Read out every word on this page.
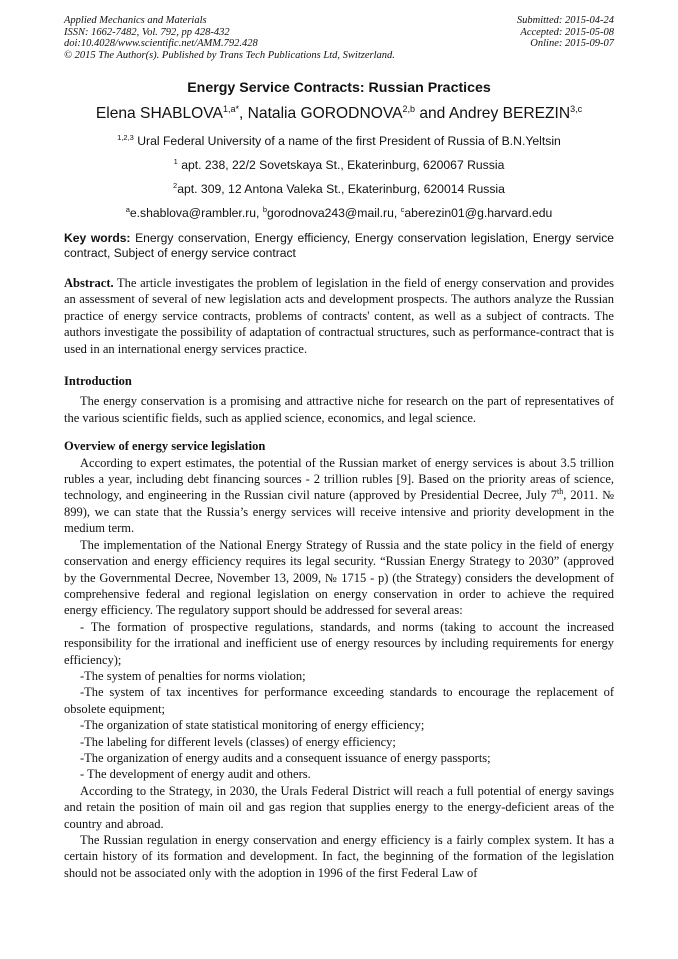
Applied Mechanics and Materials
ISSN: 1662-7482, Vol. 792, pp 428-432
doi:10.4028/www.scientific.net/AMM.792.428
© 2015 The Author(s). Published by Trans Tech Publications Ltd, Switzerland.
Submitted: 2015-04-24
Accepted: 2015-05-08
Online: 2015-09-07
Energy Service Contracts: Russian Practices
Elena $SHABLOVA^{1,a*}$, Natalia GORODNOVA$^{2,b}$ and Andrey BEREZIN$^{3,c}$
$^{1,2,3}$ Ural Federal University of a name of the first President of Russia of B.N.Yeltsin
$^1$ apt. 238, 22/2 Sovetskaya St., Ekaterinburg, 620067 Russia
$^2$apt. 309, 12 Antona Valeka St., Ekaterinburg, 620014 Russia
$^a$e.shablova@rambler.ru, $^b$gorodnova243@mail.ru, $^c$aberezin01@g.harvard.edu
Key words: Energy conservation, Energy efficiency, Energy conservation legislation, Energy service contract, Subject of energy service contract

Abstract. The article investigates the problem of legislation in the field of energy conservation and provides an assessment of several of new legislation acts and development prospects. The authors analyze the Russian practice of energy service contracts, problems of contracts' content, as well as a subject of contracts. The authors investigate the possibility of adaptation of contractual structures, such as performance-contract that is used in an international energy services practice.

Introduction

The energy conservation is a promising and attractive niche for research on the part of representatives of the various scientific fields, such as applied science, economics, and legal science.

Overview of energy service legislation

According to expert estimates, the potential of the Russian market of energy services is about 3.5 trillion rubles a year, including debt financing sources - 2 trillion rubles [9]. Based on the priority areas of science, technology, and engineering in the Russian civil nature (approved by Presidential Decree, July 7th, 2011. № 899), we can state that the Russia’s energy services will receive intensive and priority development in the medium term.

The implementation of the National Energy Strategy of Russia and the state policy in the field of energy conservation and energy efficiency requires its legal security. “Russian Energy Strategy to 2030” (approved by the Governmental Decree, November 13, 2009, № 1715 - р) (the Strategy) considers the development of comprehensive federal and regional legislation on energy conservation in order to achieve the required energy efficiency. The regulatory support should be addressed for several areas:

- The formation of prospective regulations, standards, and norms (taking to account the increased responsibility for the irrational and inefficient use of energy resources by including requirements for energy efficiency);

-The system of penalties for norms violation;

-The system of tax incentives for performance exceeding standards to encourage the replacement of obsolete equipment;

-The organization of state statistical monitoring of energy efficiency;

-The labeling for different levels (classes) of energy efficiency;

-The organization of energy audits and a consequent issuance of energy passports;

- The development of energy audit and others.

According to the Strategy, in 2030, the Urals Federal District will reach a full potential of energy savings and retain the position of main oil and gas region that supplies energy to the energy-deficient areas of the country and abroad.

The Russian regulation in energy conservation and energy efficiency is a fairly complex system. It has a certain history of its formation and development. In fact, the beginning of the formation of the legislation should not be associated only with the adoption in 1996 of the first Federal Law of
